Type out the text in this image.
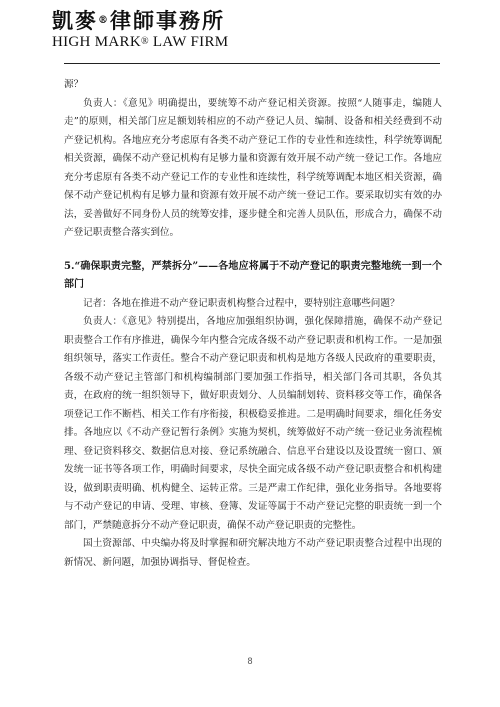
凱麥®律師事務所
HIGH MARK® LAW FIRM

源？

负责人：《意见》明确提出，要统筹不动产登记相关资源。按照“人随事走，编随人走”的原则，相关部门应足额划转相应的不动产登记人员、编制、设备和相关经费到不动产登记机构。各地应充分考虑原有各类不动产登记工作的专业性和连续性，科学统筹调配相关资源，确保不动产登记机构有足够力量和资源有效开展不动产统一登记工作。各地应充分考虑原有各类不动产登记工作的专业性和连续性，科学统筹调配本地区相关资源，确保不动产登记机构有足够力量和资源有效开展不动产统一登记工作。要采取切实有效的办法，妥善做好不同身份人员的统筹安排，逐步健全和完善人员队伍，形成合力，确保不动产登记职责整合落实到位。

5.“确保职责完整，严禁拆分”——各地应将属于不动产登记的职责完整地统一到一个部门

记者：各地在推进不动产登记职责机构整合过程中，要特别注意哪些问题？

负责人：《意见》特别提出，各地应加强组织协调，强化保障措施，确保不动产登记职责整合工作有序推进，确保今年内整合完成各级不动产登记职责和机构工作。一是加强组织领导，落实工作责任。整合不动产登记职责和机构是地方各级人民政府的重要职责，各级不动产登记主管部门和机构编制部门要加强工作指导，相关部门各司其职，各负其责，在政府的统一组织领导下，做好职责划分、人员编制划转、资料移交等工作，确保各项登记工作不断档、相关工作有序衔接，积极稳妥推进。二是明确时间要求，细化任务安排。各地应以《不动产登记暂行条例》实施为契机，统筹做好不动产统一登记业务流程梳理、登记资料移交、数据信息对接、登记系统融合、信息平台建设以及设置统一窗口、颁发统一证书等各项工作，明确时间要求，尽快全面完成各级不动产登记职责整合和机构建设，做到职责明确、机构健全、运转正常。三是严肃工作纪律，强化业务指导。各地要将与不动产登记的申请、受理、审核、登簿、发证等属于不动产登记完整的职责统一到一个部门，严禁随意拆分不动产登记职责，确保不动产登记职责的完整性。

国土资源部、中央编办将及时掌握和研究解决地方不动产登记职责整合过程中出现的新情况、新问题，加强协调指导、督促检查。

8
